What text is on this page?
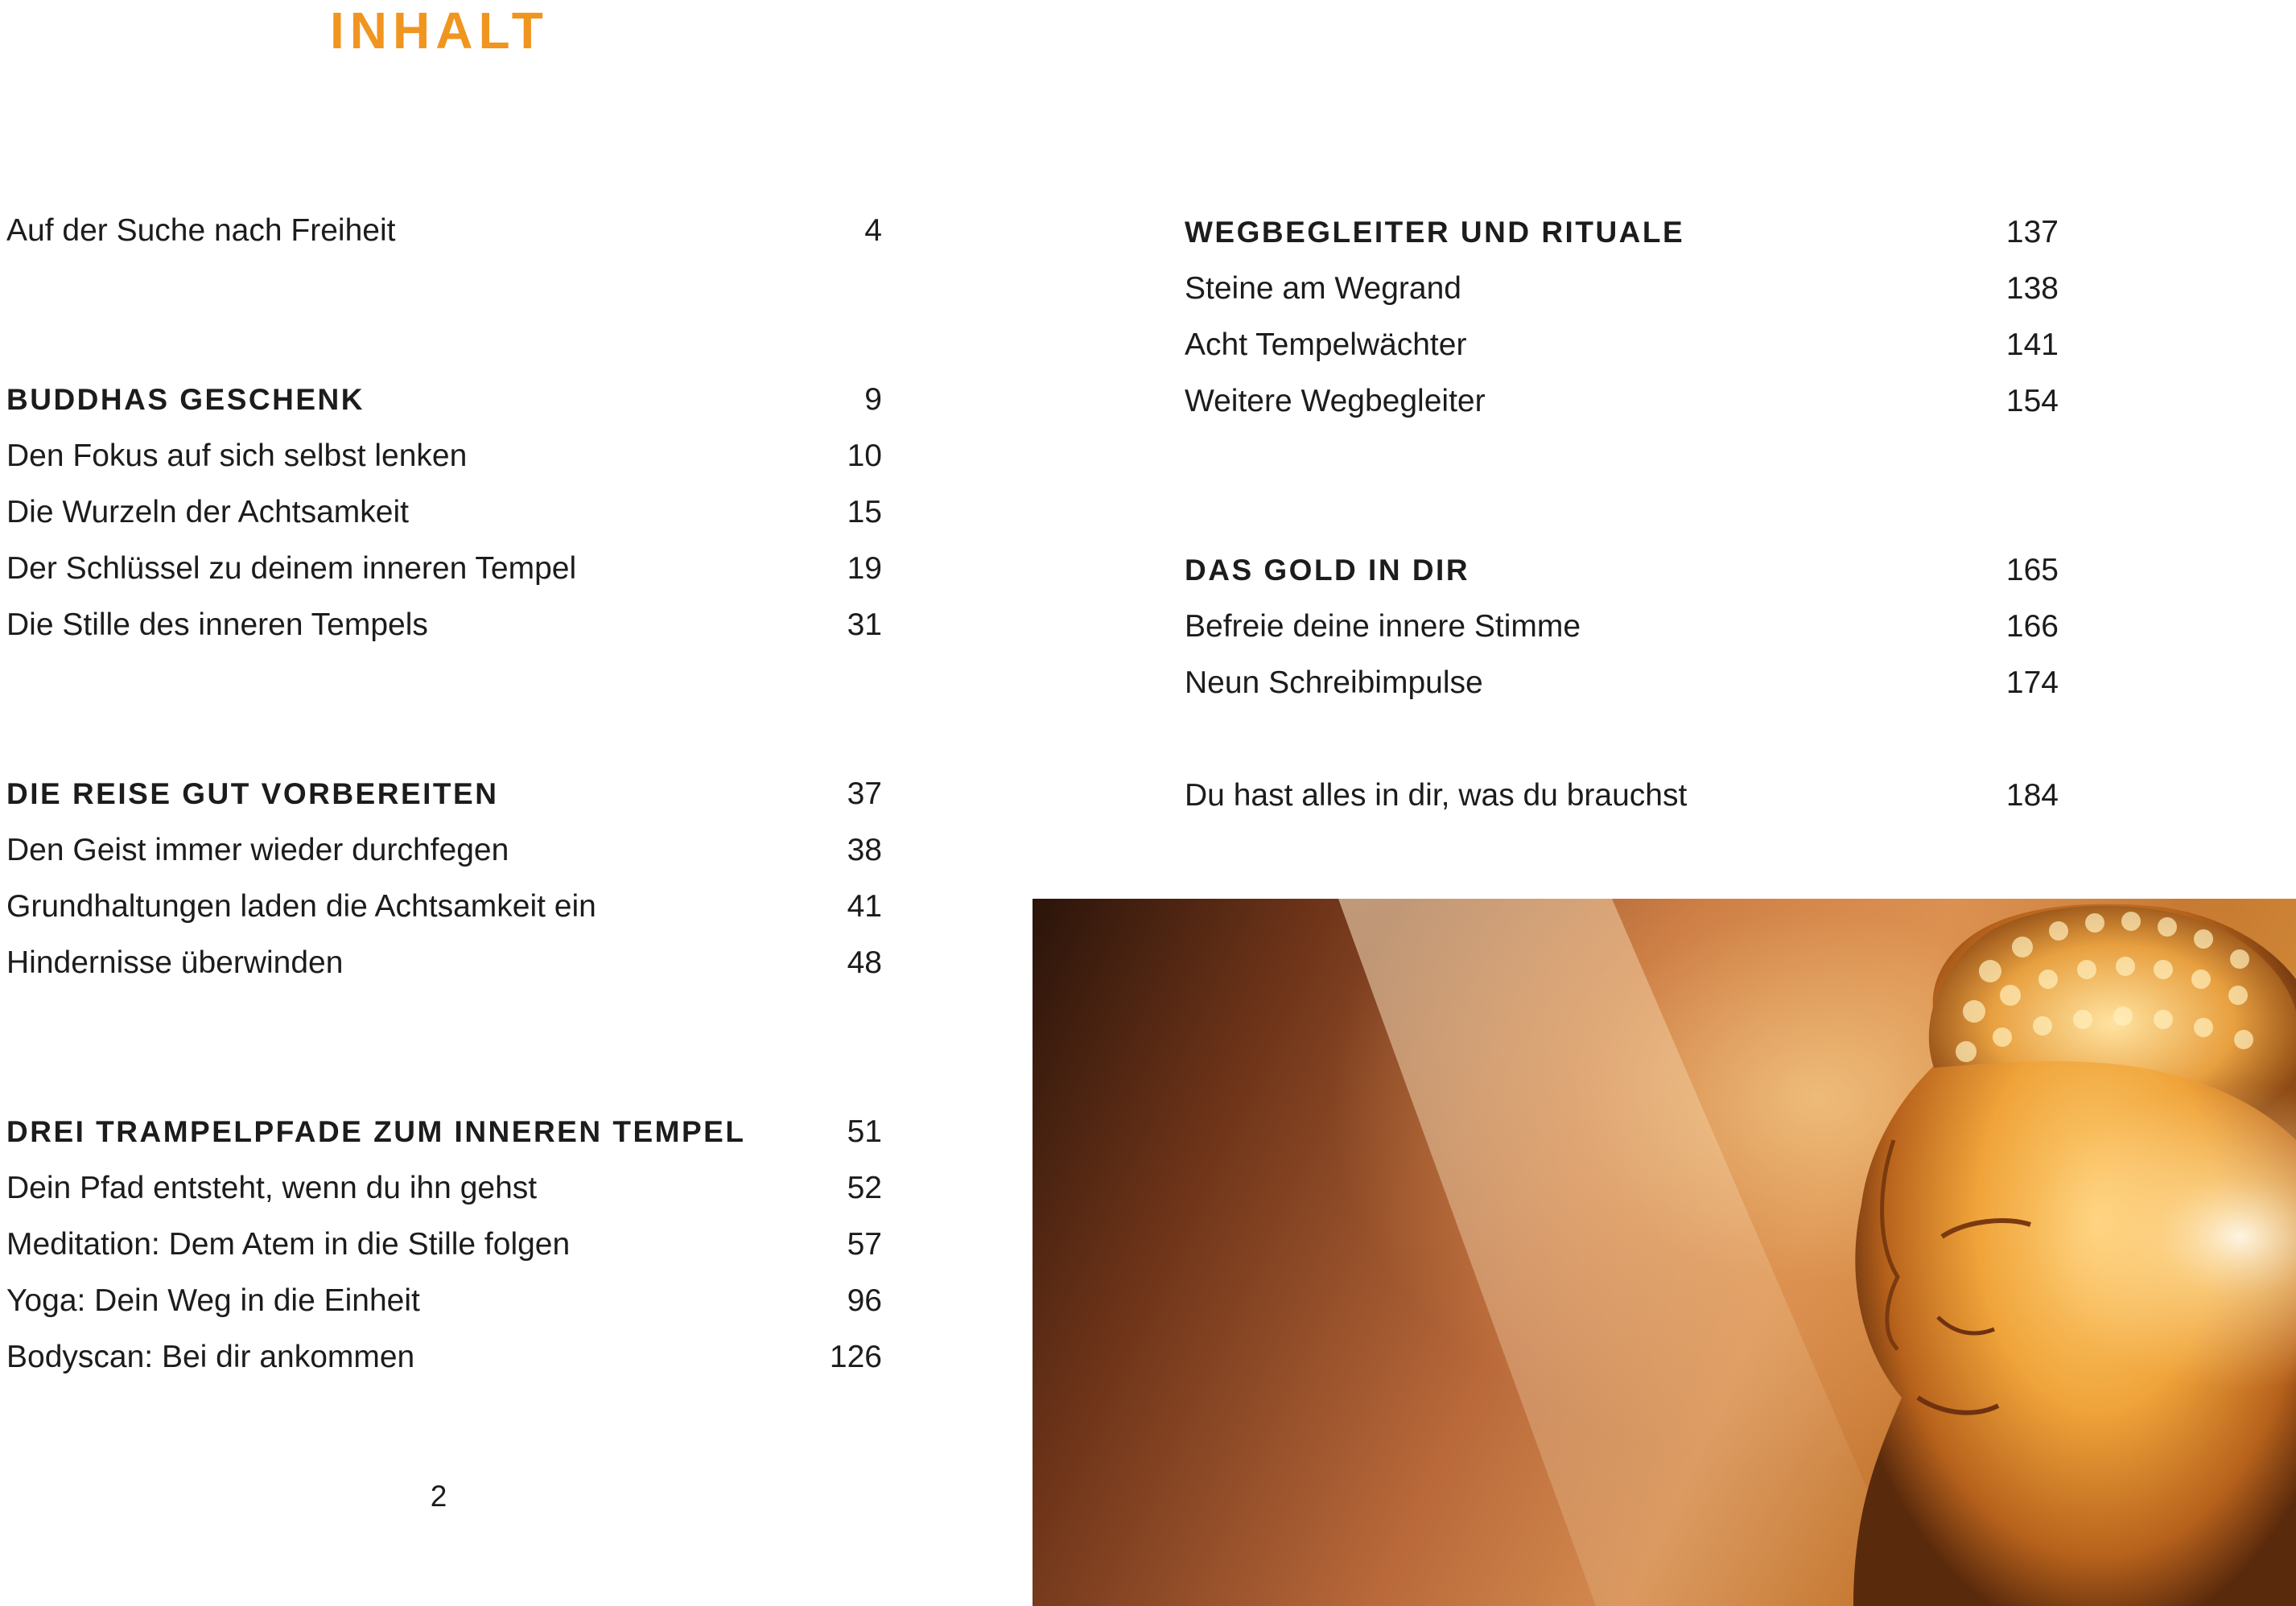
INHALT
Auf der Suche nach Freiheit	4
BUDDHAS GESCHENK	9
Den Fokus auf sich selbst lenken	10
Die Wurzeln der Achtsamkeit	15
Der Schlüssel zu deinem inneren Tempel	19
Die Stille des inneren Tempels	31
DIE REISE GUT VORBEREITEN	37
Den Geist immer wieder durchfegen	38
Grundhaltungen laden die Achtsamkeit ein	41
Hindernisse überwinden	48
DREI TRAMPELPFADE ZUM INNEREN TEMPEL	51
Dein Pfad entsteht, wenn du ihn gehst	52
Meditation: Dem Atem in die Stille folgen	57
Yoga: Dein Weg in die Einheit	96
Bodyscan: Bei dir ankommen	126
WEGBEGLEITER UND RITUALE	137
Steine am Wegrand	138
Acht Tempelwächter	141
Weitere Wegbegleiter	154
DAS GOLD IN DIR	165
Befreie deine innere Stimme	166
Neun Schreibimpulse	174
Du hast alles in dir, was du brauchst	184
2
